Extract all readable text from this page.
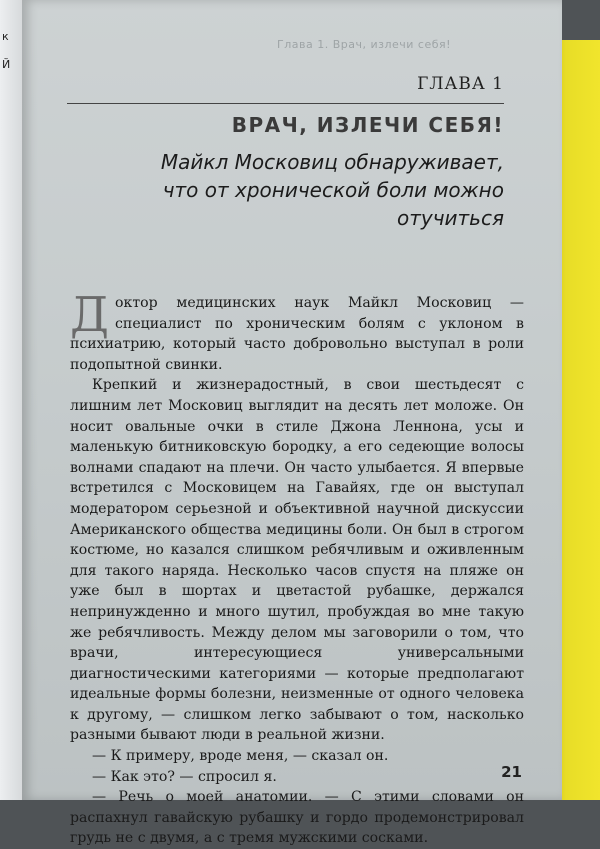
к
Й
Глава 1. Врач, излечи себя!
ГЛАВА 1
ВРАЧ, ИЗЛЕЧИ СЕБЯ!
Майкл Московиц обнаруживает, что от хронической боли можно отучиться

Доктор медицинских наук Майкл Московиц — специалист по хроническим болям с уклоном в психиатрию, который часто добровольно выступал в роли подопытной свинки.

Крепкий и жизнерадостный, в свои шестьдесят с лишним лет Московиц выглядит на десять лет моложе. Он носит овальные очки в стиле Джона Леннона, усы и маленькую битниковскую бородку, а его седеющие волосы волнами спадают на плечи. Он часто улыбается. Я впервые встретился с Московицем на Гавайях, где он выступал модератором серьезной и объективной научной дискуссии Американского общества медицины боли. Он был в строгом костюме, но казался слишком ребячливым и оживленным для такого наряда. Несколько часов спустя на пляже он уже был в шортах и цветастой рубашке, держался непринужденно и много шутил, пробуждая во мне такую же ребячливость. Между делом мы заговорили о том, что врачи, интересующиеся универсальными диагностическими категориями — которые предполагают идеальные формы болезни, неизменные от одного человека к другому, — слишком легко забывают о том, насколько разными бывают люди в реальной жизни.

— К примеру, вроде меня, — сказал он.

— Как это? — спросил я.

— Речь о моей анатомии. — С этими словами он распахнул гавайскую рубашку и гордо продемонстрировал грудь не с двумя, а с тремя мужскими сосками.

21
